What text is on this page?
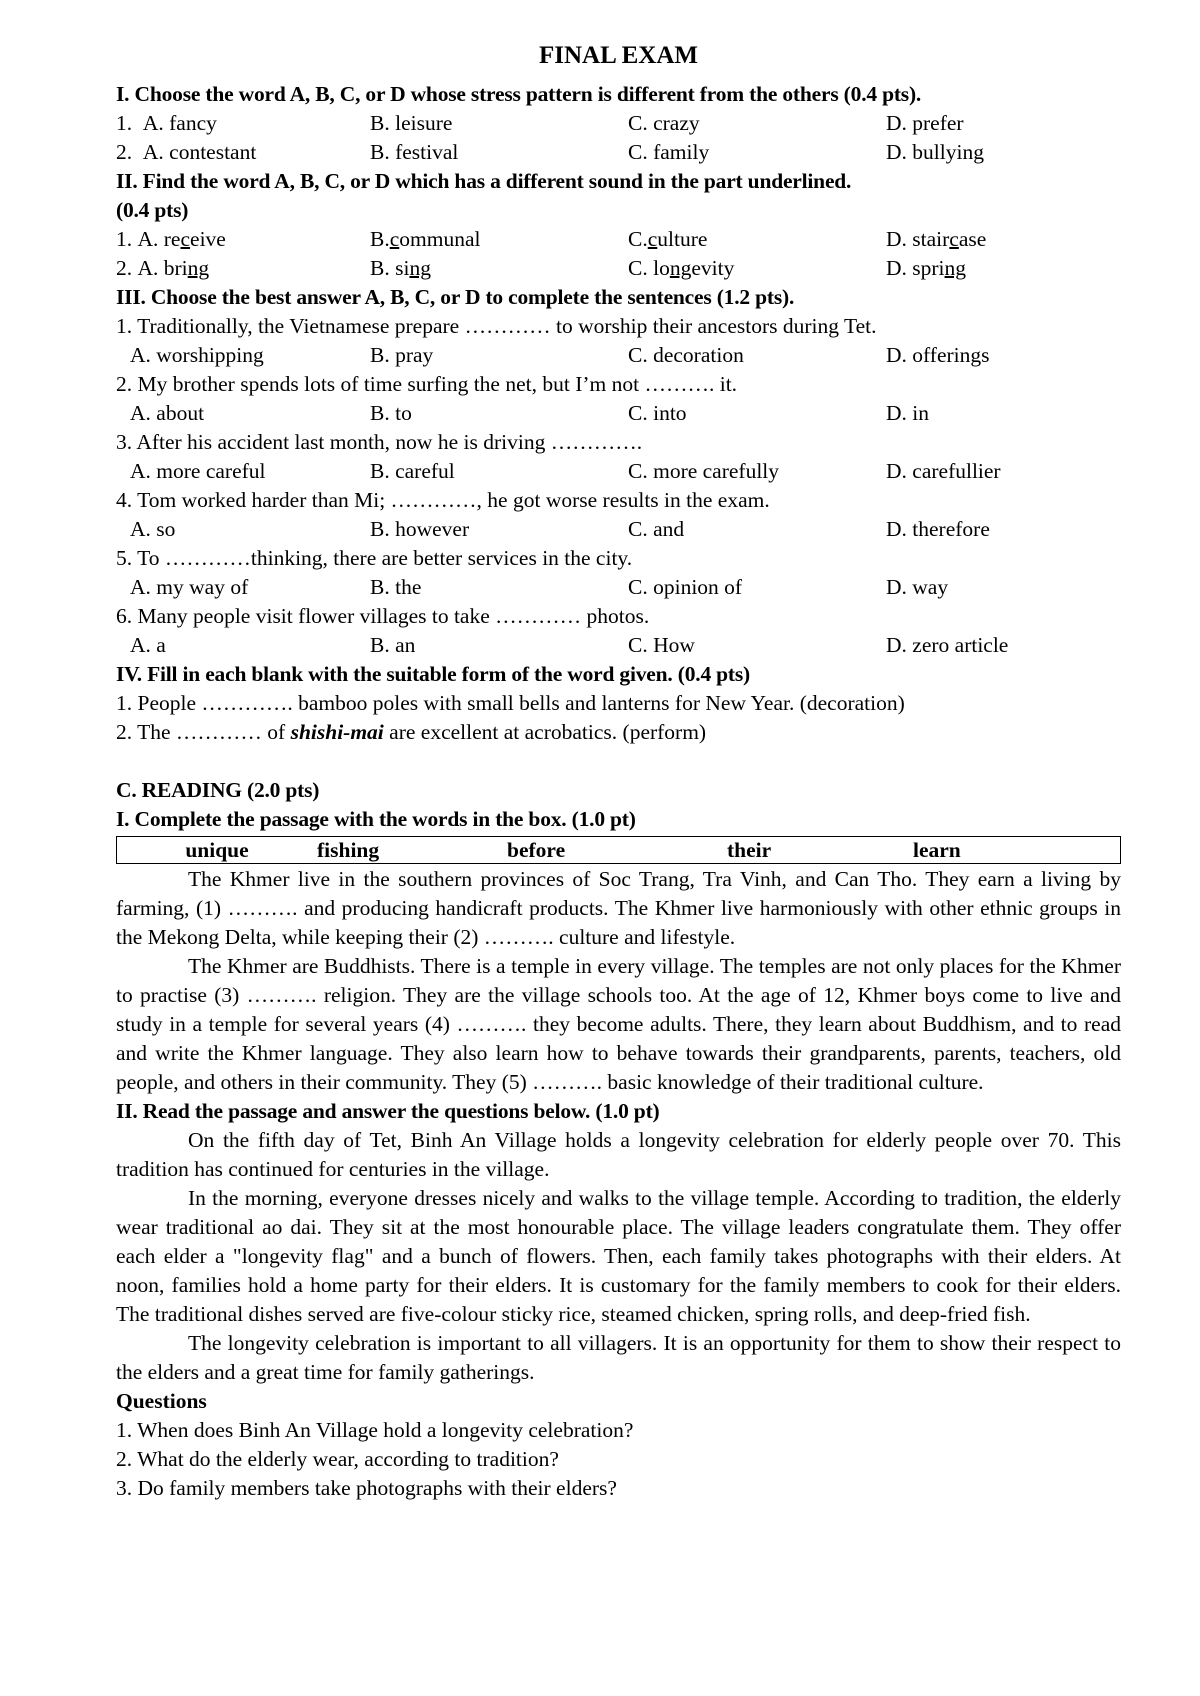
FINAL EXAM
I. Choose the word A, B, C, or D whose stress pattern is different from the others (0.4 pts).
1. A. fancy	B. leisure	C. crazy	D. prefer
2. A. contestant	B. festival	C. family	D. bullying
II. Find the word A, B, C, or D which has a different sound in the part underlined.
(0.4 pts)
1. A. receive	B.communal	C.culture	D. staircase
2. A. bring	B. sing	C. longevity	D. spring
III. Choose the best answer A, B, C, or D to complete the sentences (1.2 pts).
1. Traditionally, the Vietnamese prepare ………… to worship their ancestors during Tet.
A. worshipping	B. pray	C. decoration	D. offerings
2. My brother spends lots of time surfing the net, but I’m not ………. it.
A. about	B. to	C. into	D. in
3. After his accident last month, now he is driving ………….
A. more careful	B. careful	C. more carefully	D. carefullier
4. Tom worked harder than Mi; …………, he got worse results in the exam.
A. so	B. however	C. and	D. therefore
5. To …………thinking, there are better services in the city.
A. my way of	B. the	C. opinion of	D. way
6. Many people visit flower villages to take ………… photos.
A. a	B. an	C. How	D. zero article
IV. Fill in each blank with the suitable form of the word given. (0.4 pts)
1. People …………. bamboo poles with small bells and lanterns for New Year. (decoration)
2. The ………… of shishi-mai are excellent at acrobatics. (perform)
C. READING (2.0 pts)
I. Complete the passage with the words in the box. (1.0 pt)
unique	fishing	before	their	learn

The Khmer live in the southern provinces of Soc Trang, Tra Vinh, and Can Tho. They earn a living by farming, (1) ………. and producing handicraft products. The Khmer live harmoniously with other ethnic groups in the Mekong Delta, while keeping their (2) ………. culture and lifestyle.

The Khmer are Buddhists. There is a temple in every village. The temples are not only places for the Khmer to practise (3) ………. religion. They are the village schools too. At the age of 12, Khmer boys come to live and study in a temple for several years (4) ………. they become adults. There, they learn about Buddhism, and to read and write the Khmer language. They also learn how to behave towards their grandparents, parents, teachers, old people, and others in their community. They (5) ………. basic knowledge of their traditional culture.

II. Read the passage and answer the questions below. (1.0 pt)

On the fifth day of Tet, Binh An Village holds a longevity celebration for elderly people over 70. This tradition has continued for centuries in the village.

In the morning, everyone dresses nicely and walks to the village temple. According to tradition, the elderly wear traditional ao dai. They sit at the most honourable place. The village leaders congratulate them. They offer each elder a "longevity flag" and a bunch of flowers. Then, each family takes photographs with their elders. At noon, families hold a home party for their elders. It is customary for the family members to cook for their elders. The traditional dishes served are five-colour sticky rice, steamed chicken, spring rolls, and deep-fried fish.

The longevity celebration is important to all villagers. It is an opportunity for them to show their respect to the elders and a great time for family gatherings.

Questions
1. When does Binh An Village hold a longevity celebration?
2. What do the elderly wear, according to tradition?
3. Do family members take photographs with their elders?
